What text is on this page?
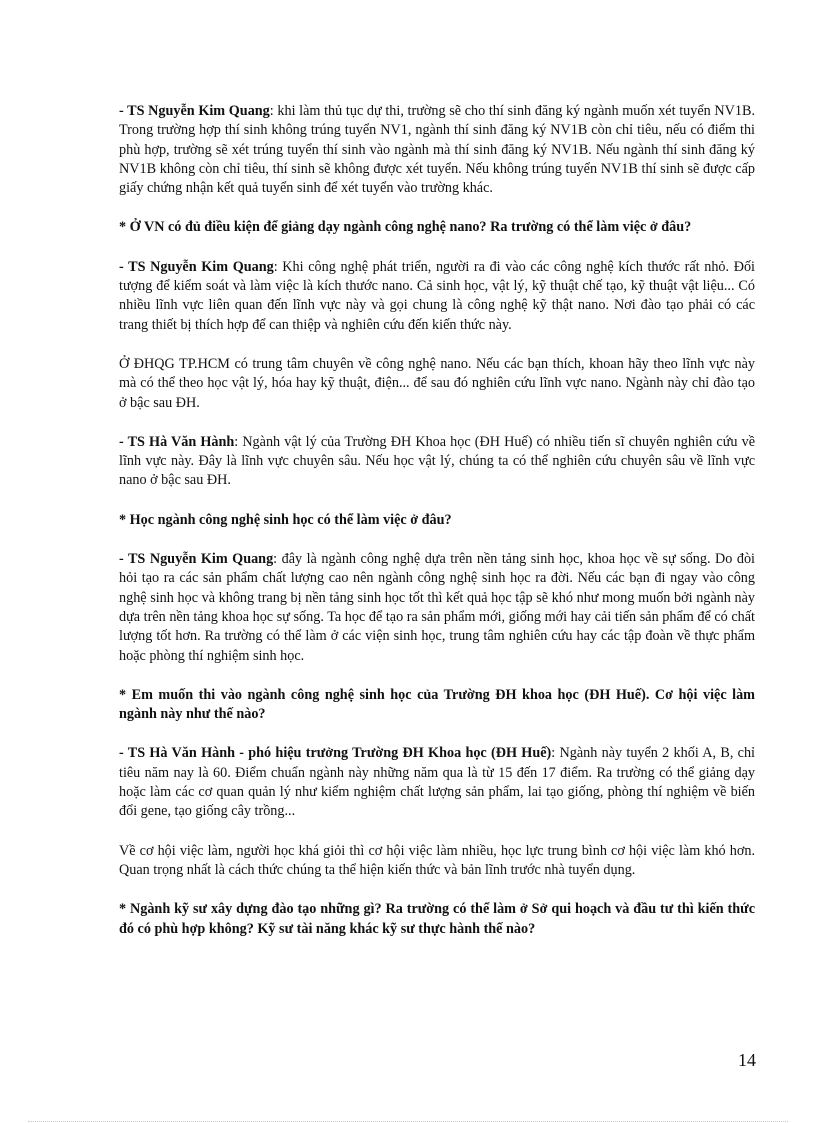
- TS Nguyễn Kim Quang: khi làm thủ tục dự thi, trường sẽ cho thí sinh đăng ký ngành muốn xét tuyển NV1B. Trong trường hợp thí sinh không trúng tuyển NV1, ngành thí sinh đăng ký NV1B còn chỉ tiêu, nếu có điểm thi phù hợp, trường sẽ xét trúng tuyển thí sinh vào ngành mà thí sinh đăng ký NV1B. Nếu ngành thí sinh đăng ký NV1B không còn chỉ tiêu, thí sinh sẽ không được xét tuyển. Nếu không trúng tuyển NV1B thí sinh sẽ được cấp giấy chứng nhận kết quả tuyển sinh để xét tuyển vào trường khác.

* Ở VN có đủ điều kiện để giảng dạy ngành công nghệ nano? Ra trường có thể làm việc ở đâu?

- TS Nguyễn Kim Quang: Khi công nghệ phát triển, người ra đi vào các công nghệ kích thước rất nhỏ. Đối tượng để kiểm soát và làm việc là kích thước nano. Cả sinh học, vật lý, kỹ thuật chế tạo, kỹ thuật vật liệu... Có nhiều lĩnh vực liên quan đến lĩnh vực này và gọi chung là công nghệ kỹ thật nano. Nơi đào tạo phải có các trang thiết bị thích hợp để can thiệp và nghiên cứu đến kiến thức này.

Ở ĐHQG TP.HCM có trung tâm chuyên về công nghệ nano. Nếu các bạn thích, khoan hãy theo lĩnh vực này mà có thể theo học vật lý, hóa hay kỹ thuật, điện... để sau đó nghiên cứu lĩnh vực nano. Ngành này chỉ đào tạo ở bậc sau ĐH.

- TS Hà Văn Hành: Ngành vật lý của Trường ĐH Khoa học (ĐH Huế) có nhiều tiến sĩ chuyên nghiên cứu về lĩnh vực này. Đây là lĩnh vực chuyên sâu. Nếu học vật lý, chúng ta có thể nghiên cứu chuyên sâu về lĩnh vực nano ở bậc sau ĐH.

* Học ngành công nghệ sinh học có thể làm việc ở đâu?

- TS Nguyễn Kim Quang: đây là ngành công nghệ dựa trên nền tảng sinh học, khoa học về sự sống. Do đòi hỏi tạo ra các sản phẩm chất lượng cao nên ngành công nghệ sinh học ra đời. Nếu các bạn đi ngay vào công nghệ sinh học và không trang bị nền tảng sinh học tốt thì kết quả học tập sẽ khó như mong muốn bởi ngành này dựa trên nền tảng khoa học sự sống. Ta học để tạo ra sản phẩm mới, giống mới hay cải tiến sản phẩm để có chất lượng tốt hơn. Ra trường có thể làm ở các viện sinh học, trung tâm nghiên cứu hay các tập đoàn về thực phẩm hoặc phòng thí nghiệm sinh học.

* Em muốn thi vào ngành công nghệ sinh học của Trường ĐH khoa học (ĐH Huế). Cơ hội việc làm ngành này như thế nào?

- TS Hà Văn Hành - phó hiệu trưởng Trường ĐH Khoa học (ĐH Huế): Ngành này tuyển 2 khối A, B, chỉ tiêu năm nay là 60. Điểm chuẩn ngành này những năm qua là từ 15 đến 17 điểm. Ra trường có thể giảng dạy hoặc làm các cơ quan quản lý như kiểm nghiệm chất lượng sản phẩm, lai tạo giống, phòng thí nghiệm về biến đổi gene, tạo giống cây trồng...

Về cơ hội việc làm, người học khá giỏi thì cơ hội việc làm nhiều, học lực trung bình cơ hội việc làm khó hơn. Quan trọng nhất là cách thức chúng ta thể hiện kiến thức và bản lĩnh trước nhà tuyển dụng.

* Ngành kỹ sư xây dựng đào tạo những gì? Ra trường có thể làm ở Sở qui hoạch và đầu tư thì kiến thức đó có phù hợp không? Kỹ sư tài năng khác kỹ sư thực hành thế nào?

14
